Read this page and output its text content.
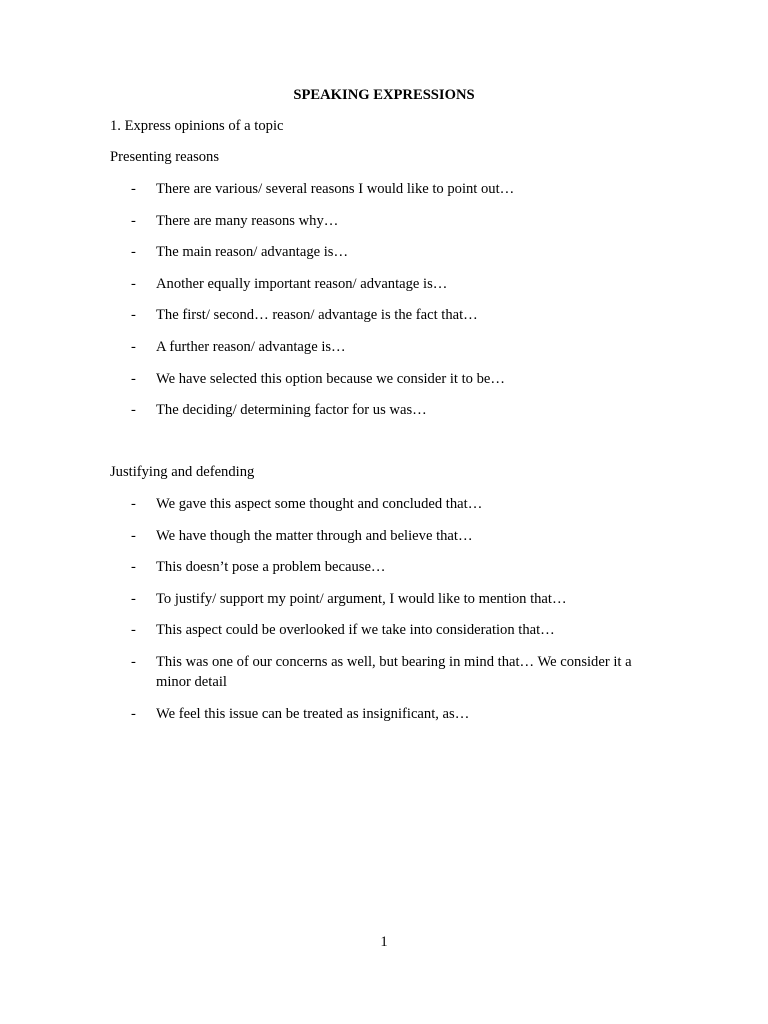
SPEAKING EXPRESSIONS
1. Express opinions of a topic
Presenting reasons
- There are various/ several reasons I would like to point out…
- There are many reasons why…
- The main reason/ advantage is…
- Another equally important reason/ advantage is…
- The first/ second… reason/ advantage is the fact that…
- A further reason/ advantage is…
- We have selected this option because we consider it to be…
- The deciding/ determining factor for us was…
Justifying and defending
- We gave this aspect some thought and concluded that…
- We have though the matter through and believe that…
- This doesn’t pose a problem because…
- To justify/ support my point/ argument, I would like to mention that…
- This aspect could be overlooked if we take into consideration that…
- This was one of our concerns as well, but bearing in mind that… We consider it a minor detail
- We feel this issue can be treated as insignificant, as…
1
